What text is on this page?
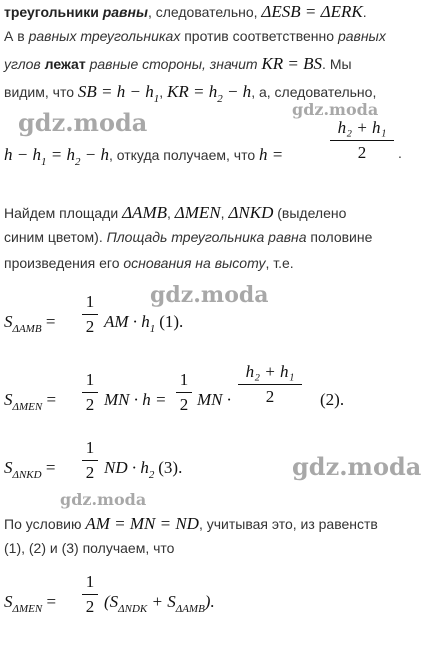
треугольники равны, следовательно, ΔESB = ΔERK.
А в равных треугольниках против соответственно равных
углов лежат равные стороны, значит KR = BS. Мы
видим, что SB = $h - h_1$, KR = $h_2 - h$, а, следовательно,
$h - h_1 = h_2 - h$, откуда получаем, что h =	$\frac{\text{h₂ + h₁}}{2}$ .
Найдем площади ΔAMB, ΔMEN, ΔNKD (выделено
синим цветом). Площадь треугольника равна половине
произведения его основания на высоту, т.е.
$S_{\Delta AMB} = \frac{1}{2}$ AM · $h_1$ (1).
$S_{\Delta MEN} = \frac{1}{2}$ MN · $h = \frac{1}{2}$ MN · $\frac{\text{h₂ + h₁}}{2} (2)$.
$S_{\Delta NKD} = \frac{1}{2}$ ND · $h_2$ (3).
По условию AM = MN = ND, учитывая это, из равенств
(1), (2) и (3) получаем, что
$S_{\Delta MEN} = \frac{1}{2} (S_{\Delta NDK} + S_{\Delta AMB})$.
gdz.moda	gdz.moda
gdz.moda
gdz.moda
gdz.moda
